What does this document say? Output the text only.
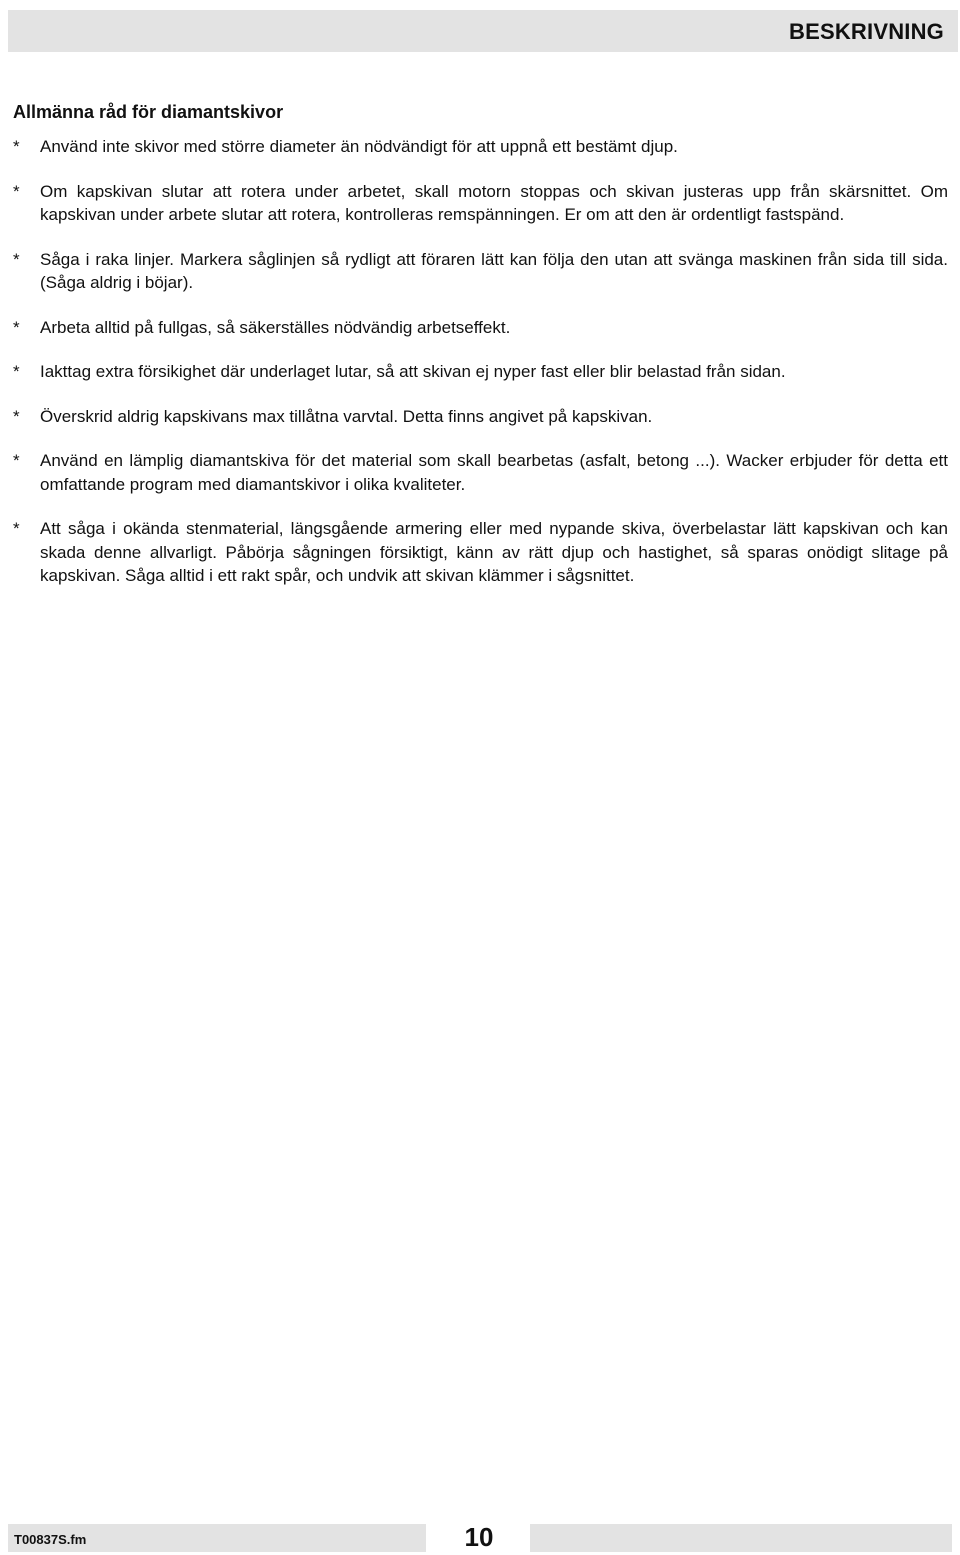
BESKRIVNING
Allmänna råd för diamantskivor
* Använd inte skivor med större diameter än nödvändigt för att uppnå ett bestämt djup.
* Om kapskivan slutar att rotera under arbetet, skall motorn stoppas och skivan justeras upp från skärsnittet. Om kapskivan under arbete slutar att rotera, kontrolleras remspänningen. Er om att den är ordentligt fastspänd.
* Såga i raka linjer. Markera såglinjen så rydligt att föraren lätt kan följa den utan att svänga maskinen från sida till sida. (Såga aldrig i böjar).
* Arbeta alltid på fullgas, så säkerställes nödvändig arbetseffekt.
* Iakttag extra försikighet där underlaget lutar, så att skivan ej nyper fast eller blir belastad från sidan.
* Överskrid aldrig kapskivans max tillåtna varvtal. Detta finns angivet på kapskivan.
* Använd en lämplig diamantskiva för det material som skall bearbetas (asfalt, betong ...). Wacker erbjuder för detta ett omfattande program med diamantskivor i olika kvaliteter.
* Att såga i okända stenmaterial, längsgående armering eller med nypande skiva, överbelastar lätt kapskivan och kan skada denne allvarligt. Påbörja sågningen försiktigt, känn av rätt djup och hastighet, så sparas onödigt slitage på kapskivan. Såga alltid i ett rakt spår, och undvik att skivan klämmer i sågsnittet.
T00837S.fm	10
